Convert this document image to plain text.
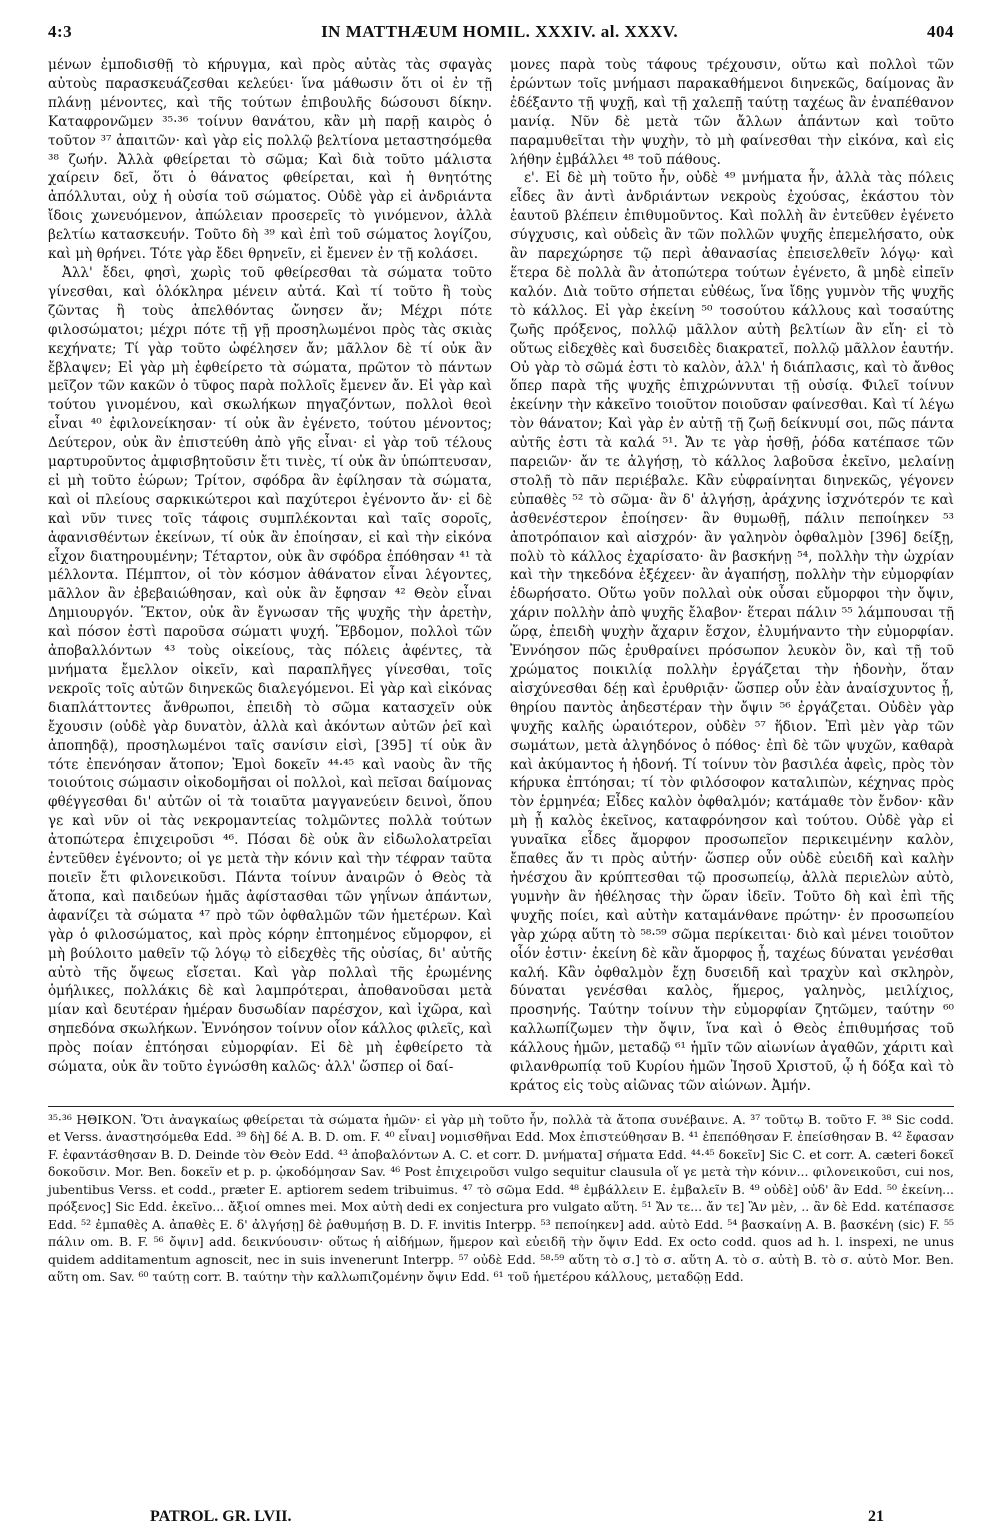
4:3	IN MATTHÆUM HOMIL. XXXIV. al. XXXV.	404

μένων ἐμποδισθῇ τὸ κήρυγμα, καὶ πρὸς αὐτὰς τὰς σφαγὰς αὐτοὺς παρασκευάζεσθαι κελεύει· ἵνα μάθωσιν ὅτι οἱ ἐν τῇ πλάνῃ μένοντες, καὶ τῆς τούτων ἐπιβουλῆς δώσουσι δίκην. Καταφρονῶμεν ³⁵·³⁶ τοίνυν θανάτου, κἂν μὴ παρῇ καιρὸς ὁ τοῦτον ³⁷ ἀπαιτῶν· καὶ γὰρ εἰς πολλῷ βελτίονα μεταστησόμεθα ³⁸ ζωήν. Ἀλλὰ φθείρεται τὸ σῶμα; Καὶ διὰ τοῦτο μάλιστα χαίρειν δεῖ, ὅτι ὁ θάνατος φθείρεται, καὶ ἡ θνητότης ἀπόλλυται, οὐχ ἡ οὐσία τοῦ σώματος. Οὐδὲ γὰρ εἰ ἀνδριάντα ἴδοις χωνευόμενον, ἀπώλειαν προσερεῖς τὸ γινόμενον, ἀλλὰ βελτίω κατασκευήν. Τοῦτο δὴ ³⁹ καὶ ἐπὶ τοῦ σώματος λογίζου, καὶ μὴ θρήνει. Τότε γὰρ ἔδει θρηνεῖν, εἰ ἔμενεν ἐν τῇ κολάσει.

Ἀλλ' ἔδει, φησὶ, χωρὶς τοῦ φθείρεσθαι τὰ σώματα τοῦτο γίνεσθαι, καὶ ὁλόκληρα μένειν αὐτά. Καὶ τί τοῦτο ἢ τοὺς ζῶντας ἢ τοὺς ἀπελθόντας ὤνησεν ἄν; Μέχρι πότε φιλοσώματοι; μέχρι πότε τῇ γῇ προσηλωμένοι πρὸς τὰς σκιὰς κεχήνατε; Τί γὰρ τοῦτο ὠφέλησεν ἄν; μᾶλλον δὲ τί οὐκ ἂν ἔβλαψεν; Εἰ γὰρ μὴ ἐφθείρετο τὰ σώματα, πρῶτον τὸ πάντων μεῖζον τῶν κακῶν ὁ τῦφος παρὰ πολλοῖς ἔμενεν ἄν. Εἰ γὰρ καὶ τούτου γινομένου, καὶ σκωλήκων πηγαζόντων, πολλοὶ θεοὶ εἶναι ⁴⁰ ἐφιλονείκησαν· τί οὐκ ἂν ἐγένετο, τούτου μένοντος; Δεύτερον, οὐκ ἂν ἐπιστεύθη ἀπὸ γῆς εἶναι· εἰ γὰρ τοῦ τέλους μαρτυροῦντος ἀμφισβητοῦσιν ἔτι τινὲς, τί οὐκ ἂν ὑπώπτευσαν, εἰ μὴ τοῦτο ἑώρων; Τρίτον, σφόδρα ἂν ἐφίλησαν τὰ σώματα, καὶ οἱ πλείους σαρκικώτεροι καὶ παχύτεροι ἐγένοντο ἄν· εἰ δὲ καὶ νῦν τινες τοῖς τάφοις συμπλέκονται καὶ ταῖς σοροῖς, ἀφανισθέντων ἐκείνων, τί οὐκ ἂν ἐποίησαν, εἰ καὶ τὴν εἰκόνα εἶχον διατηρουμένην; Τέταρτον, οὐκ ἂν σφόδρα ἐπόθησαν ⁴¹ τὰ μέλλοντα. Πέμπτον, οἱ τὸν κόσμον ἀθάνατον εἶναι λέγοντες, μᾶλλον ἂν ἐβεβαιώθησαν, καὶ οὐκ ἂν ἔφησαν ⁴² Θεὸν εἶναι Δημιουργόν. Ἕκτον, οὐκ ἂν ἔγνωσαν τῆς ψυχῆς τὴν ἀρετὴν, καὶ πόσον ἐστὶ παροῦσα σώματι ψυχή. Ἕβδομον, πολλοὶ τῶν ἀποβαλλόντων ⁴³ τοὺς οἰκείους, τὰς πόλεις ἀφέντες, τὰ μνήματα ἔμελλον οἰκεῖν, καὶ παραπλῆγες γίνεσθαι, τοῖς νεκροῖς τοῖς αὐτῶν διηνεκῶς διαλεγόμενοι. Εἰ γὰρ καὶ εἰκόνας διαπλάττοντες ἄνθρωποι, ἐπειδὴ τὸ σῶμα κατασχεῖν οὐκ ἔχουσιν (οὐδὲ γὰρ δυνατὸν, ἀλλὰ καὶ ἀκόντων αὐτῶν ῥεῖ καὶ ἀποπηδᾷ), προσηλωμένοι ταῖς σανίσιν εἰσὶ, [395] τί οὐκ ἂν τότε ἐπενόησαν ἄτοπον; Ἐμοὶ δοκεῖν ⁴⁴·⁴⁵ καὶ ναοὺς ἂν τῆς τοιούτοις σώμασιν οἰκοδομῆσαι οἱ πολλοὶ, καὶ πεῖσαι δαίμονας φθέγγεσθαι δι' αὐτῶν οἱ τὰ τοιαῦτα μαγγανεύειν δεινοὶ, ὅπου γε καὶ νῦν οἱ τὰς νεκρομαντείας τολμῶντες πολλὰ τούτων ἀτοπώτερα ἐπιχειροῦσι ⁴⁶. Πόσαι δὲ οὐκ ἂν εἰδωλολατρεῖαι ἐντεῦθεν ἐγένοντο; οἱ γε μετὰ τὴν κόνιν καὶ τὴν τέφραν ταῦτα ποιεῖν ἔτι φιλονεικοῦσι. Πάντα τοίνυν ἀναιρῶν ὁ Θεὸς τὰ ἄτοπα, καὶ παιδεύων ἡμᾶς ἀφίστασθαι τῶν γηΐνων ἁπάντων, ἀφανίζει τὰ σώματα ⁴⁷ πρὸ τῶν ὀφθαλμῶν τῶν ἡμετέρων. Καὶ γὰρ ὁ φιλοσώματος, καὶ πρὸς κόρην ἐπτοημένος εὔμορφον, εἰ μὴ βούλοιτο μαθεῖν τῷ λόγῳ τὸ εἰδεχθὲς τῆς οὐσίας, δι' αὐτῆς αὐτὸ τῆς ὄψεως εἴσεται. Καὶ γὰρ πολλαὶ τῆς ἐρωμένης ὁμήλικες, πολλάκις δὲ καὶ λαμπρότεραι, ἀποθανοῦσαι μετὰ μίαν καὶ δευτέραν ἡμέραν δυσωδίαν παρέσχον, καὶ ἰχῶρα, καὶ σηπεδόνα σκωλήκων. Ἐννόησον τοίνυν οἷον κάλλος φιλεῖς, καὶ πρὸς ποίαν ἐπτόησαι εὐμορφίαν. Εἰ δὲ μὴ ἐφθείρετο τὰ σώματα, οὐκ ἂν τοῦτο ἐγνώσθη καλῶς· ἀλλ' ὥσπερ οἱ δαί-

μονες παρὰ τοὺς τάφους τρέχουσιν, οὕτω καὶ πολλοὶ τῶν ἐρώντων τοῖς μνήμασι παρακαθήμενοι διηνεκῶς, δαίμονας ἂν ἐδέξαντο τῇ ψυχῇ, καὶ τῇ χαλεπῇ ταύτῃ ταχέως ἂν ἐναπέθανον μανίᾳ. Νῦν δὲ μετὰ τῶν ἄλλων ἁπάντων καὶ τοῦτο παραμυθεῖται τὴν ψυχὴν, τὸ μὴ φαίνεσθαι τὴν εἰκόνα, καὶ εἰς λήθην ἐμβάλλει ⁴⁸ τοῦ πάθους.

ε'. Εἰ δὲ μὴ τοῦτο ἦν, οὐδὲ ⁴⁹ μνήματα ἦν, ἀλλὰ τὰς πόλεις εἶδες ἂν ἀντὶ ἀνδριάντων νεκροὺς ἐχούσας, ἑκάστου τὸν ἑαυτοῦ βλέπειν ἐπιθυμοῦντος. Καὶ πολλὴ ἂν ἐντεῦθεν ἐγένετο σύγχυσις, καὶ οὐδεὶς ἂν τῶν πολλῶν ψυχῆς ἐπεμελήσατο, οὐκ ἂν παρεχώρησε τῷ περὶ ἀθανασίας ἐπεισελθεῖν λόγῳ· καὶ ἕτερα δὲ πολλὰ ἂν ἀτοπώτερα τούτων ἐγένετο, ἃ μηδὲ εἰπεῖν καλόν. Διὰ τοῦτο σήπεται εὐθέως, ἵνα ἴδῃς γυμνὸν τῆς ψυχῆς τὸ κάλλος. Εἰ γὰρ ἐκείνη ⁵⁰ τοσούτου κάλλους καὶ τοσαύτης ζωῆς πρόξενος, πολλῷ μᾶλλον αὐτὴ βελτίων ἂν εἴη· εἰ τὸ οὕτως εἰδεχθὲς καὶ δυσειδὲς διακρατεῖ, πολλῷ μᾶλλον ἑαυτήν. Οὐ γὰρ τὸ σῶμά ἐστι τὸ καλὸν, ἀλλ' ἡ διάπλασις, καὶ τὸ ἄνθος ὅπερ παρὰ τῆς ψυχῆς ἐπιχρώννυται τῇ οὐσίᾳ. Φιλεῖ τοίνυν ἐκείνην τὴν κἀκεῖνο τοιοῦτον ποιοῦσαν φαίνεσθαι. Καὶ τί λέγω τὸν θάνατον; Καὶ γὰρ ἐν αὐτῇ τῇ ζωῇ δείκνυμί σοι, πῶς πάντα αὐτῆς ἐστι τὰ καλά ⁵¹. Ἄν τε γὰρ ἡσθῇ, ῥόδα κατέπασε τῶν παρειῶν· ἄν τε ἀλγήσῃ, τὸ κάλλος λαβοῦσα ἐκεῖνο, μελαίνῃ στολῇ τὸ πᾶν περιέβαλε. Κἂν εὐφραίνηται διηνεκῶς, γέγονεν εὐπαθὲς ⁵² τὸ σῶμα· ἂν δ' ἀλγήσῃ, ἀράχνης ἰσχνότερόν τε καὶ ἀσθενέστερον ἐποίησεν· ἂν θυμωθῇ, πάλιν πεποίηκεν ⁵³ ἀποτρόπαιον καὶ αἰσχρόν· ἂν γαληνὸν ὀφθαλμὸν [396] δείξῃ, πολὺ τὸ κάλλος ἐχαρίσατο· ἂν βασκήνῃ ⁵⁴, πολλὴν τὴν ὠχρίαν καὶ τὴν τηκεδόνα ἐξέχεεν· ἂν ἀγαπήσῃ, πολλὴν τὴν εὐμορφίαν ἐδωρήσατο. Οὕτω γοῦν πολλαὶ οὐκ οὖσαι εὔμορφοι τὴν ὄψιν, χάριν πολλὴν ἀπὸ ψυχῆς ἔλαβον· ἕτεραι πάλιν ⁵⁵ λάμπουσαι τῇ ὥρᾳ, ἐπειδὴ ψυχὴν ἄχαριν ἔσχον, ἐλυμήναντο τὴν εὐμορφίαν. Ἐννόησον πῶς ἐρυθραίνει πρόσωπον λευκὸν ὂν, καὶ τῇ τοῦ χρώματος ποικιλίᾳ πολλὴν ἐργάζεται τὴν ἡδονὴν, ὅταν αἰσχύνεσθαι δέῃ καὶ ἐρυθριᾷν· ὥσπερ οὖν ἐὰν ἀναίσχυντος ᾖ, θηρίου παντὸς ἀηδεστέραν τὴν ὄψιν ⁵⁶ ἐργάζεται. Οὐδὲν γὰρ ψυχῆς καλῆς ὡραιότερον, οὐδὲν ⁵⁷ ἥδιον. Ἐπὶ μὲν γὰρ τῶν σωμάτων, μετὰ ἀλγηδόνος ὁ πόθος· ἐπὶ δὲ τῶν ψυχῶν, καθαρὰ καὶ ἀκύμαντος ἡ ἡδονή. Τί τοίνυν τὸν βασιλέα ἀφεὶς, πρὸς τὸν κήρυκα ἐπτόησαι; τί τὸν φιλόσοφον καταλιπὼν, κέχηνας πρὸς τὸν ἑρμηνέα; Εἶδες καλὸν ὀφθαλμόν; κατάμαθε τὸν ἔνδον· κἂν μὴ ᾖ καλὸς ἐκεῖνος, καταφρόνησον καὶ τούτου. Οὐδὲ γὰρ εἰ γυναῖκα εἶδες ἄμορφον προσωπεῖον περικειμένην καλὸν, ἔπαθες ἄν τι πρὸς αὐτήν· ὥσπερ οὖν οὐδὲ εὐειδῆ καὶ καλὴν ἠνέσχου ἂν κρύπτεσθαι τῷ προσωπείῳ, ἀλλὰ περιελὼν αὐτὸ, γυμνὴν ἂν ἠθέλησας τὴν ὥραν ἰδεῖν. Τοῦτο δὴ καὶ ἐπὶ τῆς ψυχῆς ποίει, καὶ αὐτὴν καταμάνθανε πρώτην· ἐν προσωπείου γὰρ χώρᾳ αὕτη τὸ ⁵⁸·⁵⁹ σῶμα περίκειται· διὸ καὶ μένει τοιοῦτον οἷόν ἐστιν· ἐκείνη δὲ κἂν ἄμορφος ᾖ, ταχέως δύναται γενέσθαι καλή. Κἂν ὀφθαλμὸν ἔχῃ δυσειδῆ καὶ τραχὺν καὶ σκληρὸν, δύναται γενέσθαι καλὸς, ἥμερος, γαληνὸς, μειλίχιος, προσηνής. Ταύτην τοίνυν τὴν εὐμορφίαν ζητῶμεν, ταύτην ⁶⁰ καλλωπίζωμεν τὴν ὄψιν, ἵνα καὶ ὁ Θεὸς ἐπιθυμήσας τοῦ κάλλους ἡμῶν, μεταδῷ ⁶¹ ἡμῖν τῶν αἰωνίων ἀγαθῶν, χάριτι καὶ φιλανθρωπίᾳ τοῦ Κυρίου ἡμῶν Ἰησοῦ Χριστοῦ, ᾧ ἡ δόξα καὶ τὸ κράτος εἰς τοὺς αἰῶνας τῶν αἰώνων. Ἀμήν.

³⁵·³⁶ ΗΘΙΚΟΝ. Ὅτι ἀναγκαίως φθείρεται τὰ σώματα ἡμῶν· εἰ γὰρ μὴ τοῦτο ἦν, πολλὰ τὰ ἄτοπα συνέβαινε. A. ³⁷ τοῦτῳ B. τοῦτο F. ³⁸ Sic codd. et Verss. ἀναστησόμεθα Edd. ³⁹ δὴ] δέ A. B. D. om. F. ⁴⁰ εἶναι] νομισθῆναι Edd. Mox ἐπιστεύθησαν B. ⁴¹ ἐπεπόθησαν F. ἐπείσθησαν B. ⁴² ἔφασαν F. ἐφαντάσθησαν B. D. Deinde τὸν Θεὸν Edd. ⁴³ ἀποβαλόντων A. C. et corr. D. μνήματα] σήματα Edd. ⁴⁴·⁴⁵ δοκεῖν] Sic C. et corr. A. cæteri δοκεῖ δοκοῦσιν. Mor. Ben. δοκεῖν et p. p. ᾠκοδόμησαν Sav. ⁴⁶ Post ἐπιχειροῦσι vulgo sequitur clausula οἵ γε μετὰ τὴν κόνιν... φιλονεικοῦσι, cui nos, jubentibus Verss. et codd., præter E. aptiorem sedem tribuimus. ⁴⁷ τὸ σῶμα Edd. ⁴⁸ ἐμβάλλειν E. ἐμβαλεῖν B. ⁴⁹ οὐδὲ] οὐδ' ἂν Edd. ⁵⁰ ἐκείνη... πρόξενος] Sic Edd. ἐκεῖνο... ἄξιοί omnes mei. Mox αὐτὴ dedi ex conjectura pro vulgato αὕτη. ⁵¹ Ἄν τε... ἄν τε] Ἂν μὲν, .. ἂν δὲ Edd. κατέπασσε Edd. ⁵² ἐμπαθὲς A. ἀπαθὲς E. δ' ἀλγήσῃ] δὲ ῥαθυμήσῃ B. D. F. invitis Interpp. ⁵³ πεποίηκεν] add. αὐτὸ Edd. ⁵⁴ βασκαίνῃ A. B. βασκένη (sic) F. ⁵⁵ πάλιν om. B. F. ⁵⁶ ὄψιν] add. δεικνύουσιν· οὕτως ἡ αἰδήμων, ἥμερον καὶ εὐειδῆ τὴν ὄψιν Edd. Ex octo codd. quos ad h. l. inspexi, ne unus quidem additamentum agnoscit, nec in suis invenerunt Interpp. ⁵⁷ οὐδὲ Edd. ⁵⁸·⁵⁹ αὕτη τὸ σ.] τὸ σ. αὕτη A. τὸ σ. αὐτὴ B. τὸ σ. αὐτὸ Mor. Ben. αὕτη om. Sav. ⁶⁰ ταύτῃ corr. B. ταύτην τὴν καλλωπιζομένην ὄψιν Edd. ⁶¹ τοῦ ἡμετέρου κάλλους, μεταδῷῃ Edd.

PATROL. GR. LVII.	21
